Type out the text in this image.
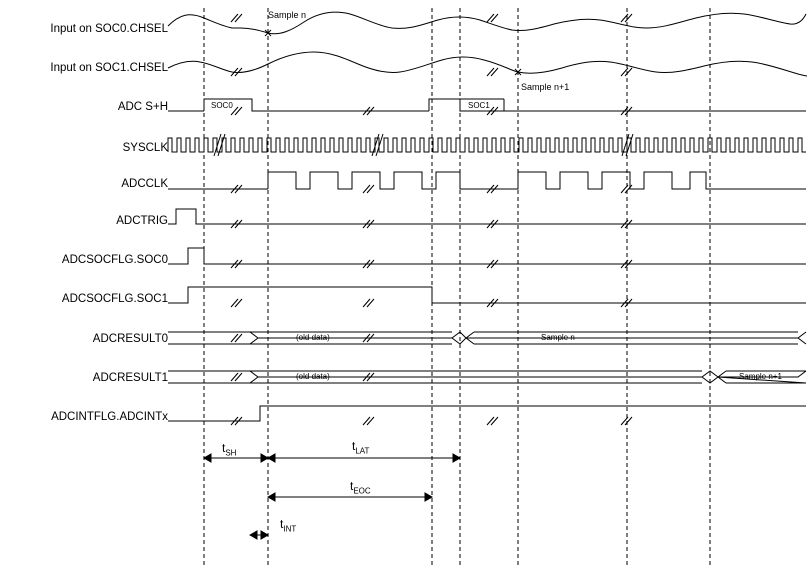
Input on SOC0.CHSEL
Input on SOC1.CHSEL
ADC S+H
SYSCLK
ADCCLK
ADCTRIG
ADCSOCFLG.SOC0
ADCSOCFLG.SOC1
ADCRESULT0
ADCRESULT1
ADCINTFLG.ADCINTx
SOC0	SOC1
(old data)	Sample n
(old data)	Sample n+1
Sample n
Sample n+1
$t_{SH}$	$t_{LAT}$
$t_{EOC}$
$t_{INT}$
